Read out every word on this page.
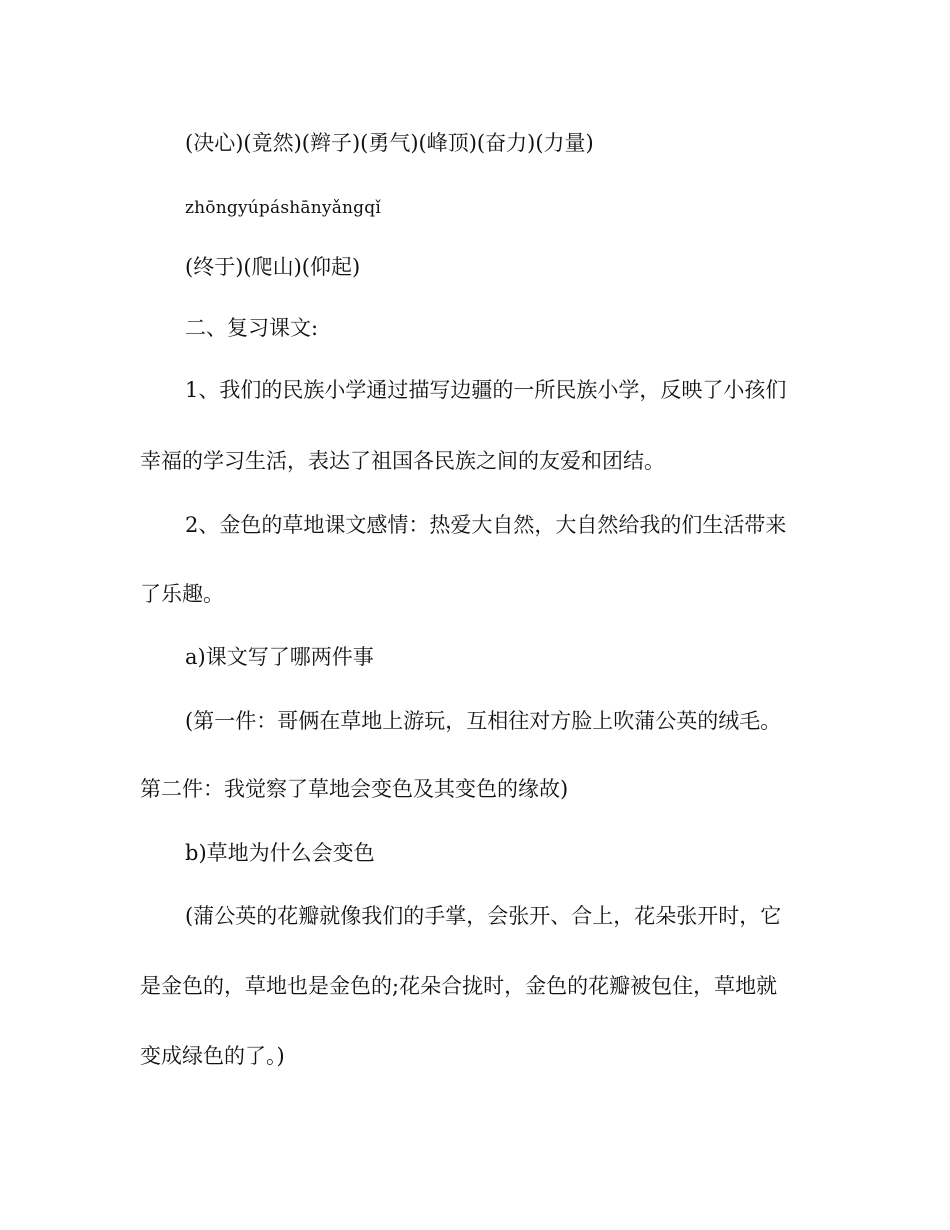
(决心)(竟然)(辫子)(勇气)(峰顶)(奋力)(力量)
zhōngyúpáshānyǎngqǐ
(终于)(爬山)(仰起)
二、复习课文:
1、我们的民族小学通过描写边疆的一所民族小学，反映了小孩们
幸福的学习生活，表达了祖国各民族之间的友爱和团结。
2、金色的草地课文感情：热爱大自然，大自然给我的们生活带来
了乐趣。
a)课文写了哪两件事
(第一件：哥俩在草地上游玩，互相往对方脸上吹蒲公英的绒毛。
第二件：我觉察了草地会变色及其变色的缘故)
b)草地为什么会变色
(蒲公英的花瓣就像我们的手掌，会张开、合上，花朵张开时，它
是金色的，草地也是金色的;花朵合拢时，金色的花瓣被包住，草地就
变成绿色的了。)
